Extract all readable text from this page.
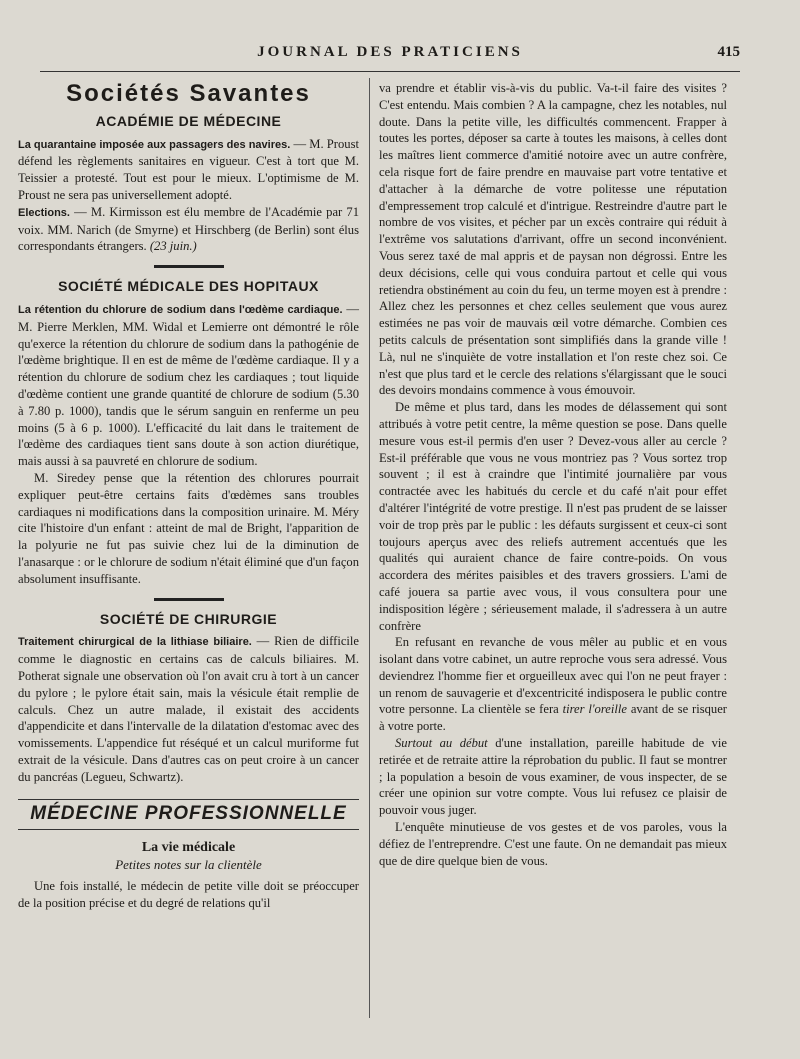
JOURNAL DES PRATICIENS	415
Sociétés Savantes
ACADÉMIE DE MÉDECINE

La quarantaine imposée aux passagers des navires. — M. Proust défend les règlements sanitaires en vigueur. C'est à tort que M. Teissier a protesté. Tout est pour le mieux. L'optimisme de M. Proust ne sera pas universellement adopté.

Elections. — M. Kirmisson est élu membre de l'Académie par 71 voix. MM. Narich (de Smyrne) et Hirschberg (de Berlin) sont élus correspondants étrangers. (23 juin.)

SOCIÉTÉ MÉDICALE DES HOPITAUX

La rétention du chlorure de sodium dans l'œdème cardiaque. —M. Pierre Merklen, MM. Widal et Lemierre ont démontré le rôle qu'exerce la rétention du chlorure de sodium dans la pathogénie de l'œdème brightique. Il en est de même de l'œdème cardiaque. Il y a rétention du chlorure de sodium chez les cardiaques ; tout liquide d'œdème contient une grande quantité de chlorure de sodium (5.30 à 7.80 p. 1000), tandis que le sérum sanguin en renferme un peu moins (5 à 6 p. 1000). L'efficacité du lait dans le traitement de l'œdème des cardiaques tient sans doute à son action diurétique, mais aussi à sa pauvreté en chlorure de sodium.

M. Siredey pense que la rétention des chlorures pourrait expliquer peut-être certains faits d'œdèmes sans troubles cardiaques ni modifications dans la composition urinaire. M. Méry cite l'histoire d'un enfant : atteint de mal de Bright, l'apparition de la polyurie ne fut pas suivie chez lui de la diminution de l'anasarque : or le chlorure de sodium n'était éliminé que d'un façon absolument insuffisante.

SOCIÉTÉ DE CHIRURGIE

Traitement chirurgical de la lithiase biliaire. — Rien de difficile comme le diagnostic en certains cas de calculs biliaires. M. Potherat signale une observation où l'on avait cru à tort à un cancer du pylore ; le pylore était sain, mais la vésicule était remplie de calculs. Chez un autre malade, il existait des accidents d'appendicite et dans l'intervalle de la dilatation d'estomac avec des vomissements. L'appendice fut réséqué et un calcul muriforme fut extrait de la vésicule. Dans d'autres cas on peut croire à un cancer du pancréas (Legueu, Schwartz).

MÉDECINE PROFESSIONNELLE
La vie médicale
Petites notes sur la clientèle

Une fois installé, le médecin de petite ville doit se préoccuper de la position précise et du degré de relations qu'il

va prendre et établir vis-à-vis du public. Va-t-il faire des visites ? C'est entendu. Mais combien ? A la campagne, chez les notables, nul doute. Dans la petite ville, les difficultés commencent. Frapper à toutes les portes, déposer sa carte à toutes les maisons, à celles dont les maîtres lient commerce d'amitié notoire avec un autre confrère, cela risque fort de faire prendre en mauvaise part votre tentative et d'attacher à la démarche de votre politesse une réputation d'empressement trop calculé et d'intrigue. Restreindre d'autre part le nombre de vos visites, et pécher par un excès contraire qui réduit à l'extrême vos salutations d'arrivant, offre un second inconvénient. Vous serez taxé de mal appris et de paysan non dégrossi. Entre les deux décisions, celle qui vous conduira partout et celle qui vous retiendra obstinément au coin du feu, un terme moyen est à prendre : Allez chez les personnes et chez celles seulement que vous aurez estimées ne pas voir de mauvais œil votre démarche. Combien ces petits calculs de présentation sont simplifiés dans la grande ville ! Là, nul ne s'inquiète de votre installation et l'on reste chez soi. Ce n'est que plus tard et le cercle des relations s'élargissant que le souci des devoirs mondains commence à vous émouvoir.

De même et plus tard, dans les modes de délassement qui sont attribués à votre petit centre, la même question se pose. Dans quelle mesure vous est-il permis d'en user ? Devez-vous aller au cercle ? Est-il préférable que vous ne vous montriez pas ? Vous sortez trop souvent ; il est à craindre que l'intimité journalière par vous contractée avec les habitués du cercle et du café n'ait pour effet d'altérer l'intégrité de votre prestige. Il n'est pas prudent de se laisser voir de trop près par le public : les défauts surgissent et ceux-ci sont toujours aperçus avec des reliefs autrement accentués que les qualités qui auraient chance de faire contre-poids. On vous accordera des mérites paisibles et des travers grossiers. L'ami de café jouera sa partie avec vous, il vous consultera pour une indisposition légère ; sérieusement malade, il s'adressera à un autre confrère

En refusant en revanche de vous mêler au public et en vous isolant dans votre cabinet, un autre reproche vous sera adressé. Vous deviendrez l'homme fier et orgueilleux avec qui l'on ne peut frayer : un renom de sauvagerie et d'excentricité indisposera le public contre votre personne. La clientèle se fera tirer l'oreille avant de se risquer à votre porte.

Surtout au début d'une installation, pareille habitude de vie retirée et de retraite attire la réprobation du public. Il faut se montrer ; la population a besoin de vous examiner, de vous inspecter, de se créer une opinion sur votre compte. Vous lui refusez ce plaisir de pouvoir vous juger.

L'enquête minutieuse de vos gestes et de vos paroles, vous la défiez de l'entreprendre. C'est une faute. On ne demandait pas mieux que de dire quelque bien de vous.
